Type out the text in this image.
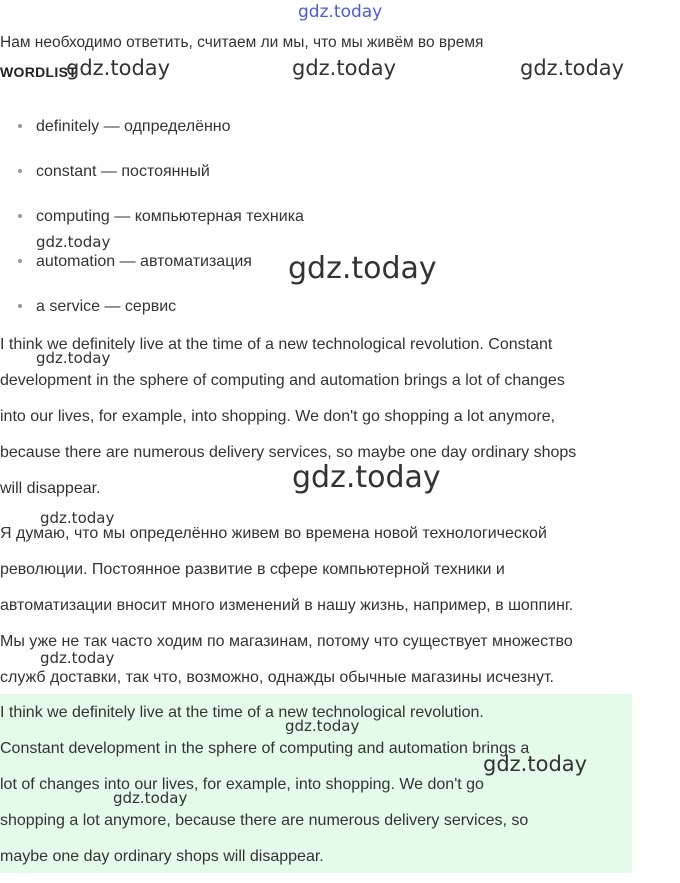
Нам необходимо ответить, считаем ли мы, что мы живём во время
WORDLIST
definitely — одпределённо
constant — постоянный
computing — компьютерная техника
automation — автоматизация
a service — сервис
I think we definitely live at the time of a new technological revolution. Constant
development in the sphere of computing and automation brings a lot of changes
into our lives, for example, into shopping. We don't go shopping a lot anymore,
because there are numerous delivery services, so maybe one day ordinary shops
will disappear.
Я думаю, что мы определённо живем во времена новой технологической
революции. Постоянное развитие в сфере компьютерной техники и
автоматизации вносит много изменений в нашу жизнь, например, в шоппинг.
Мы уже не так часто ходим по магазинам, потому что существует множество
служб доставки, так что, возможно, однажды обычные магазины исчезнут.
I think we definitely live at the time of a new technological revolution.
Constant development in the sphere of computing and automation brings a
lot of changes into our lives, for example, into shopping. We don't go
shopping a lot anymore, because there are numerous delivery services, so
maybe one day ordinary shops will disappear.
gdz.today
gdz.today	gdz.today	gdz.today
gdz.today
gdz.today
gdz.today
gdz.today
gdz.today
gdz.today
gdz.today
gdz.today
gdz.today
